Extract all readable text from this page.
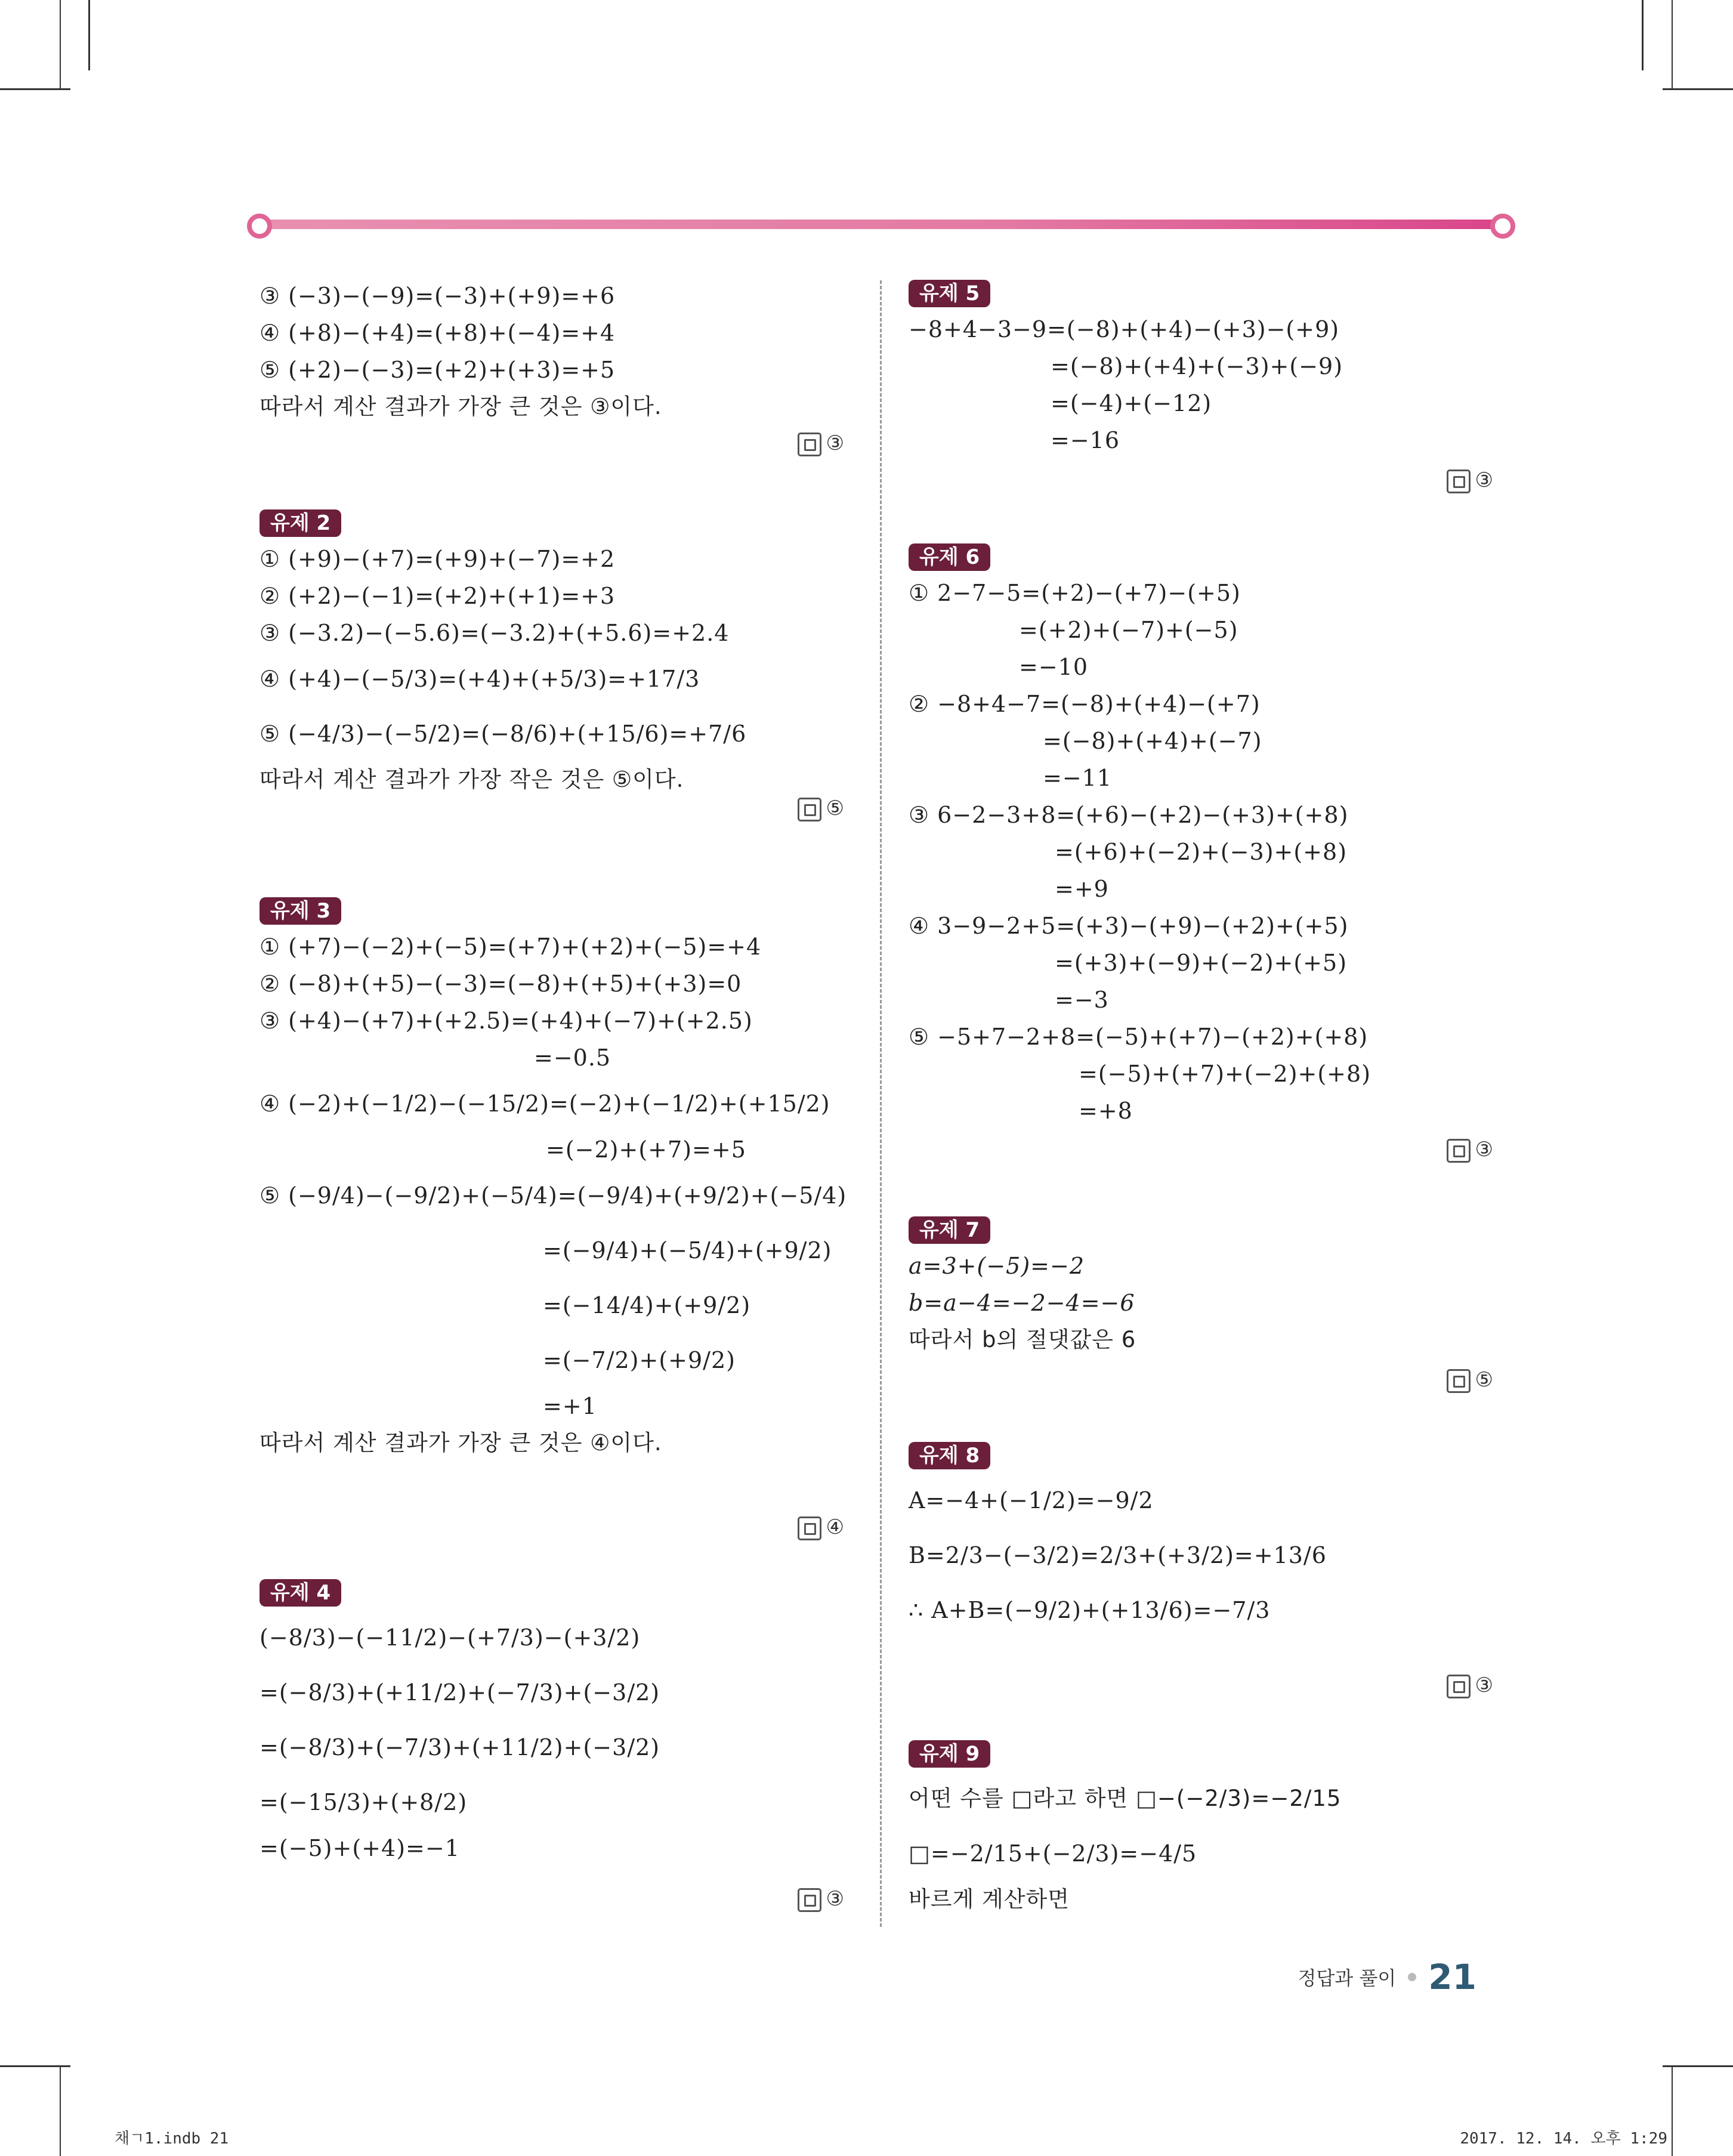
③ (−3)−(−9)=(−3)+(+9)=+6
④ (+8)−(+4)=(+8)+(−4)=+4
⑤ (+2)−(−3)=(+2)+(+3)=+5
따라서 계산 결과가 가장 큰 것은 ③이다.
③
유제 2
① (+9)−(+7)=(+9)+(−7)=+2
② (+2)−(−1)=(+2)+(+1)=+3
③ (−3.2)−(−5.6)=(−3.2)+(+5.6)=+2.4
④ (+4)−(−5/3)=(+4)+(+5/3)=+17/3
⑤ (−4/3)−(−5/2)=(−8/6)+(+15/6)=+7/6
따라서 계산 결과가 가장 작은 것은 ⑤이다.
⑤
유제 3
① (+7)−(−2)+(−5)=(+7)+(+2)+(−5)=+4
② (−8)+(+5)−(−3)=(−8)+(+5)+(+3)=0
③ (+4)−(+7)+(+2.5)=(+4)+(−7)+(+2.5)
=−0.5
④ (−2)+(−1/2)−(−15/2)=(−2)+(−1/2)+(+15/2)
=(−2)+(+7)=+5
⑤ (−9/4)−(−9/2)+(−5/4)=(−9/4)+(+9/2)+(−5/4)
=(−9/4)+(−5/4)+(+9/2)
=(−14/4)+(+9/2)
=(−7/2)+(+9/2)
=+1
따라서 계산 결과가 가장 큰 것은 ④이다.
④
유제 4
(−8/3)−(−11/2)−(+7/3)−(+3/2)
=(−8/3)+(+11/2)+(−7/3)+(−3/2)
=(−8/3)+(−7/3)+(+11/2)+(−3/2)
=(−15/3)+(+8/2)
=(−5)+(+4)=−1
③
유제 5
−8+4−3−9=(−8)+(+4)−(+3)−(+9)
=(−8)+(+4)+(−3)+(−9)
=(−4)+(−12)
=−16
③
유제 6
① 2−7−5=(+2)−(+7)−(+5)
=(+2)+(−7)+(−5)
=−10
② −8+4−7=(−8)+(+4)−(+7)
=(−8)+(+4)+(−7)
=−11
③ 6−2−3+8=(+6)−(+2)−(+3)+(+8)
=(+6)+(−2)+(−3)+(+8)
=+9
④ 3−9−2+5=(+3)−(+9)−(+2)+(+5)
=(+3)+(−9)+(−2)+(+5)
=−3
⑤ −5+7−2+8=(−5)+(+7)−(+2)+(+8)
=(−5)+(+7)+(−2)+(+8)
=+8
③
유제 7
a=3+(−5)=−2
b=a−4=−2−4=−6
따라서 b의 절댓값은 6
⑤
유제 8
A=−4+(−1/2)=−9/2
B=2/3−(−3/2)=2/3+(+3/2)=+13/6
∴ A+B=(−9/2)+(+13/6)=−7/3
③
유제 9
어떤 수를 □라고 하면 □−(−2/3)=−2/15
□=−2/15+(−2/3)=−4/5
바르게 계산하면
정답과 풀이 21
채ㄱ1.indb 21	2017. 12. 14. 오후 1:29
